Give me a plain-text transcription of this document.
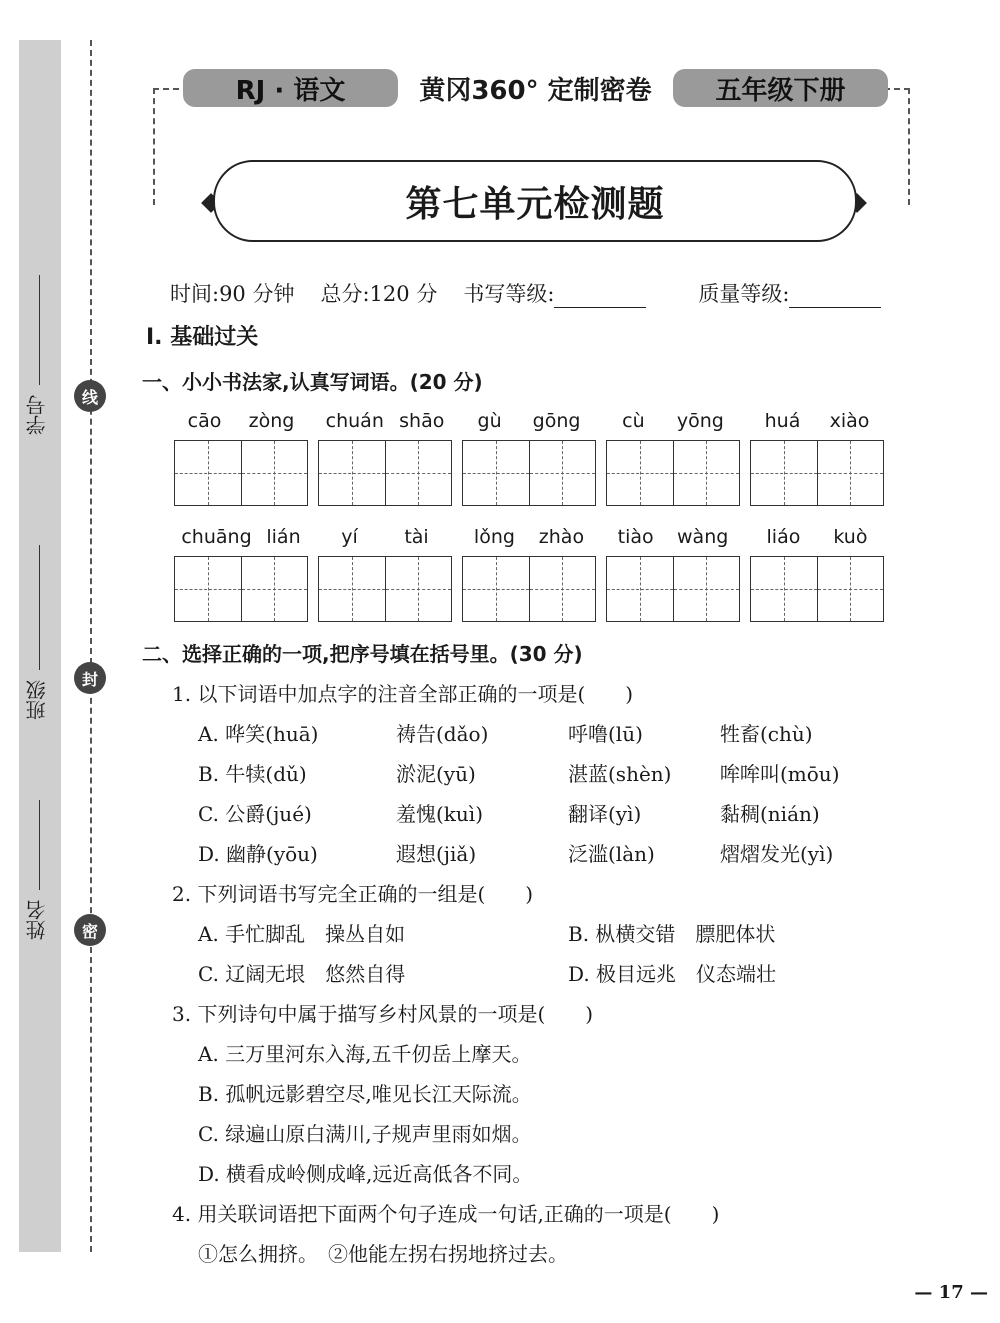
姓名
班级
学号	线
封
密
RJ · 语文	黄冈360° 定制密卷	五年级下册
第七单元检测题
时间:90 分钟 总分:120 分 书写等级:	质量等级:
Ⅰ. 基础过关
一、小小书法家,认真写词语。(20 分)
cāo zòng chuán shāo gù gōng cù yōng huá xiào
chuāng lián yí tài lǒng zhào tiào wàng liáo kuò
二、选择正确的一项,把序号填在括号里。(30 分)
1. 以下词语中加点字的注音全部正确的一项是(　　)
A. 哗笑(huā)	祷告(dǎo)	呼噜(lū)	牲畜(chù)
B. 牛犊(dǔ)	淤泥(yū)	湛蓝(shèn) 哞哞叫(mōu)
C. 公爵(jué)	羞愧(kuì)	翻译(yì)	黏稠(nián)
D. 幽静(yōu)	遐想(jiǎ)	泛滥(làn)	熠熠发光(yì)
2. 下列词语书写完全正确的一组是(　　)
A. 手忙脚乱　操丛自如	B. 枞横交错　膘肥体状
C. 辽阔无垠　悠然自得	D. 极目远兆　仪态端壮
3. 下列诗句中属于描写乡村风景的一项是(　　)
A. 三万里河东入海,五千仞岳上摩天。
B. 孤帆远影碧空尽,唯见长江天际流。
C. 绿遍山原白满川,子规声里雨如烟。
D. 横看成岭侧成峰,远近高低各不同。
4. 用关联词语把下面两个句子连成一句话,正确的一项是(　　)
①怎么拥挤。　②他能左拐右拐地挤过去。
— 17 —
